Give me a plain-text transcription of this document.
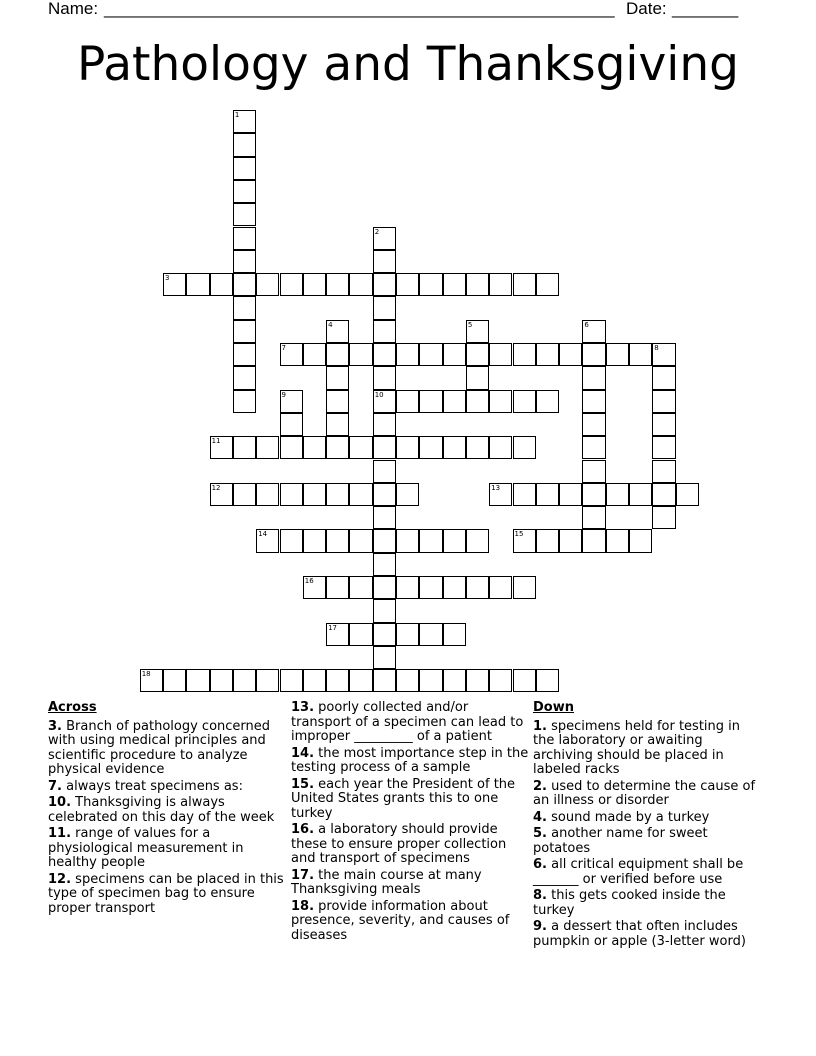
Name: ______________________________________________________ Date: _______
Pathology and Thanksgiving
1
2
10
3
4	5	6
7	8
9
11
12	13
14	15
16
17
18
Across
3. Branch of pathology concerned with using medical principles and scientific procedure to analyze physical evidence
7. always treat specimens as:
10. Thanksgiving is always celebrated on this day of the week
11. range of values for a physiological measurement in healthy people
12. specimens can be placed in this type of specimen bag to ensure proper transport
13. poorly collected and/or transport of a specimen can lead to improper _________ of a patient
14. the most importance step in the testing process of a sample
15. each year the President of the United States grants this to one turkey
16. a laboratory should provide these to ensure proper collection and transport of specimens
17. the main course at many Thanksgiving meals
18. provide information about presence, severity, and causes of diseases
Down
1. specimens held for testing in the laboratory or awaiting archiving should be placed in labeled racks
2. used to determine the cause of an illness or disorder
4. sound made by a turkey
5. another name for sweet potatoes
6. all critical equipment shall be _______ or verified before use
8. this gets cooked inside the turkey
9. a dessert that often includes pumpkin or apple (3-letter word)
